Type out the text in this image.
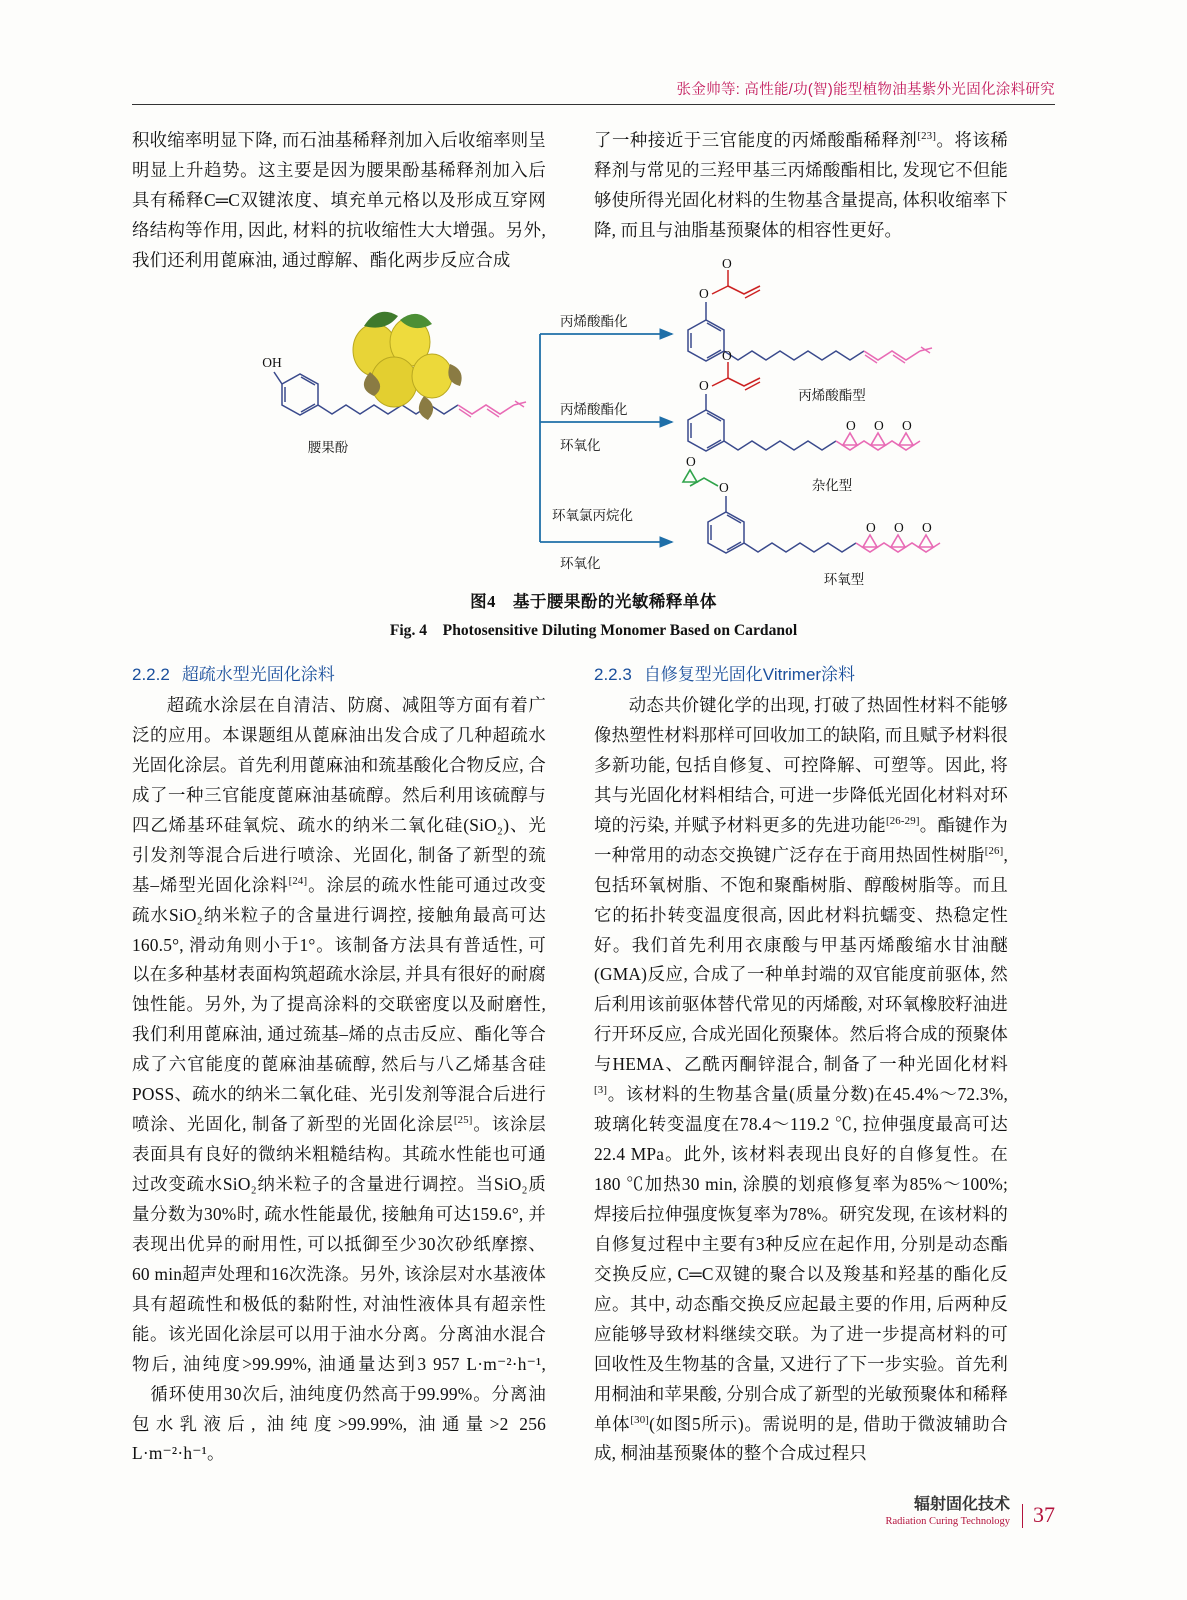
张金帅等: 高性能/功(智)能型植物油基紫外光固化涂料研究

积收缩率明显下降, 而石油基稀释剂加入后收缩率则呈明显上升趋势。这主要是因为腰果酚基稀释剂加入后具有稀释C═C双键浓度、填充单元格以及形成互穿网络结构等作用, 因此, 材料的抗收缩性大大增强。另外, 我们还利用蓖麻油, 通过醇解、酯化两步反应合成

了一种接近于三官能度的丙烯酸酯稀释剂[23]。将该稀释剂与常见的三羟甲基三丙烯酸酯相比, 发现它不但能够使所得光固化材料的生物基含量提高, 体积收缩率下降, 而且与油脂基预聚体的相容性更好。

OH
腰果酚
丙烯酸酯化
丙烯酸酯化
环氧化
环氧氯丙烷化
环氧化
O
O
丙烯酸酯型
O
O
O O O
杂化型
O
O
O O O
环氧型
图4　基于腰果酚的光敏稀释单体
Fig. 4　Photosensitive Diluting Monomer Based on Cardanol

2.2.2 超疏水型光固化涂料

超疏水涂层在自清洁、防腐、减阻等方面有着广泛的应用。本课题组从蓖麻油出发合成了几种超疏水光固化涂层。首先利用蓖麻油和巯基酸化合物反应, 合成了一种三官能度蓖麻油基硫醇。然后利用该硫醇与四乙烯基环硅氧烷、疏水的纳米二氧化硅(SiO₂)、光引发剂等混合后进行喷涂、光固化, 制备了新型的巯基–烯型光固化涂料[24]。涂层的疏水性能可通过改变疏水SiO₂纳米粒子的含量进行调控, 接触角最高可达160.5°, 滑动角则小于1°。该制备方法具有普适性, 可以在多种基材表面构筑超疏水涂层, 并具有很好的耐腐蚀性能。另外, 为了提高涂料的交联密度以及耐磨性, 我们利用蓖麻油, 通过巯基–烯的点击反应、酯化等合成了六官能度的蓖麻油基硫醇, 然后与八乙烯基含硅POSS、疏水的纳米二氧化硅、光引发剂等混合后进行喷涂、光固化, 制备了新型的光固化涂层[25]。该涂层表面具有良好的微纳米粗糙结构。其疏水性能也可通过改变疏水SiO₂纳米粒子的含量进行调控。当SiO₂质量分数为30%时, 疏水性能最优, 接触角可达159.6°, 并表现出优异的耐用性, 可以抵御至少30次砂纸摩擦、60 min超声处理和16次洗涤。另外, 该涂层对水基液体具有超疏性和极低的黏附性, 对油性液体具有超亲性能。该光固化涂层可以用于油水分离。分离油水混合物后, 油纯度>99.99%, 油通量达到3 957 L·m⁻²·h⁻¹, 　循环使用30次后, 油纯度仍然高于99.99%。分离油包水乳液后, 油纯度>99.99%, 油通量>2 256 L·m⁻²·h⁻¹。

2.2.3 自修复型光固化Vitrimer涂料

动态共价键化学的出现, 打破了热固性材料不能够像热塑性材料那样可回收加工的缺陷, 而且赋予材料很多新功能, 包括自修复、可控降解、可塑等。因此, 将其与光固化材料相结合, 可进一步降低光固化材料对环境的污染, 并赋予材料更多的先进功能[26-29]。酯键作为一种常用的动态交换键广泛存在于商用热固性树脂[26], 包括环氧树脂、不饱和聚酯树脂、醇酸树脂等。而且它的拓扑转变温度很高, 因此材料抗蠕变、热稳定性好。我们首先利用衣康酸与甲基丙烯酸缩水甘油醚(GMA)反应, 合成了一种单封端的双官能度前驱体, 然后利用该前驱体替代常见的丙烯酸, 对环氧橡胶籽油进行开环反应, 合成光固化预聚体。然后将合成的预聚体与HEMA、乙酰丙酮锌混合, 制备了一种光固化材料[3]。该材料的生物基含量(质量分数)在45.4%～72.3%, 玻璃化转变温度在78.4～119.2 ℃, 拉伸强度最高可达22.4 MPa。此外, 该材料表现出良好的自修复性。在180 ℃加热30 min, 涂膜的划痕修复率为85%～100%; 焊接后拉伸强度恢复率为78%。研究发现, 在该材料的自修复过程中主要有3种反应在起作用, 分别是动态酯交换反应, C═C双键的聚合以及羧基和羟基的酯化反应。其中, 动态酯交换反应起最主要的作用, 后两种反应能够导致材料继续交联。为了进一步提高材料的可回收性及生物基的含量, 又进行了下一步实验。首先利用桐油和苹果酸, 分别合成了新型的光敏预聚体和稀释单体[30](如图5所示)。需说明的是, 借助于微波辅助合成, 桐油基预聚体的整个合成过程只

辐射固化技术
Radiation Curing Technology	37
